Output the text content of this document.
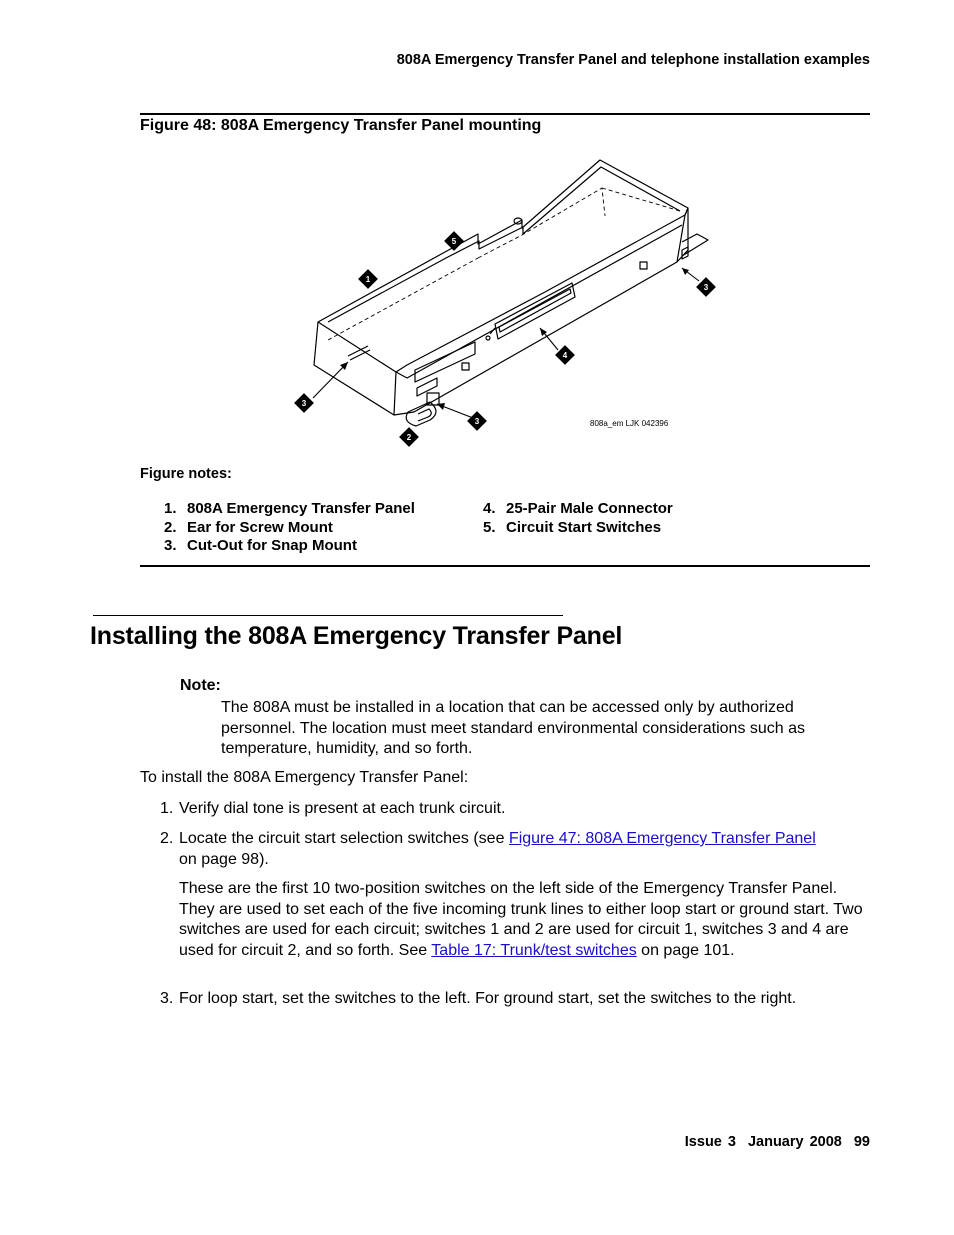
808A Emergency Transfer Panel and telephone installation examples
Figure 48: 808A Emergency Transfer Panel mounting
1
5
3
4
3
3
2
808a_em LJK 042396
Figure notes:
1. 808A Emergency Transfer Panel
2. Ear for Screw Mount
3. Cut-Out for Snap Mount
4. 25-Pair Male Connector
5. Circuit Start Switches
Installing the 808A Emergency Transfer Panel
Note:
The 808A must be installed in a location that can be accessed only by authorized personnel. The location must meet standard environmental considerations such as temperature, humidity, and so forth.
To install the 808A Emergency Transfer Panel:
1. Verify dial tone is present at each trunk circuit.
2. Locate the circuit start selection switches (see Figure 47: 808A Emergency Transfer Panel on page 98).
These are the first 10 two-position switches on the left side of the Emergency Transfer Panel. They are used to set each of the five incoming trunk lines to either loop start or ground start. Two switches are used for each circuit; switches 1 and 2 are used for circuit 1, switches 3 and 4 are used for circuit 2, and so forth. See Table 17: Trunk/test switches on page 101.
3. For loop start, set the switches to the left. For ground start, set the switches to the right.
Issue 3 January 2008 99
